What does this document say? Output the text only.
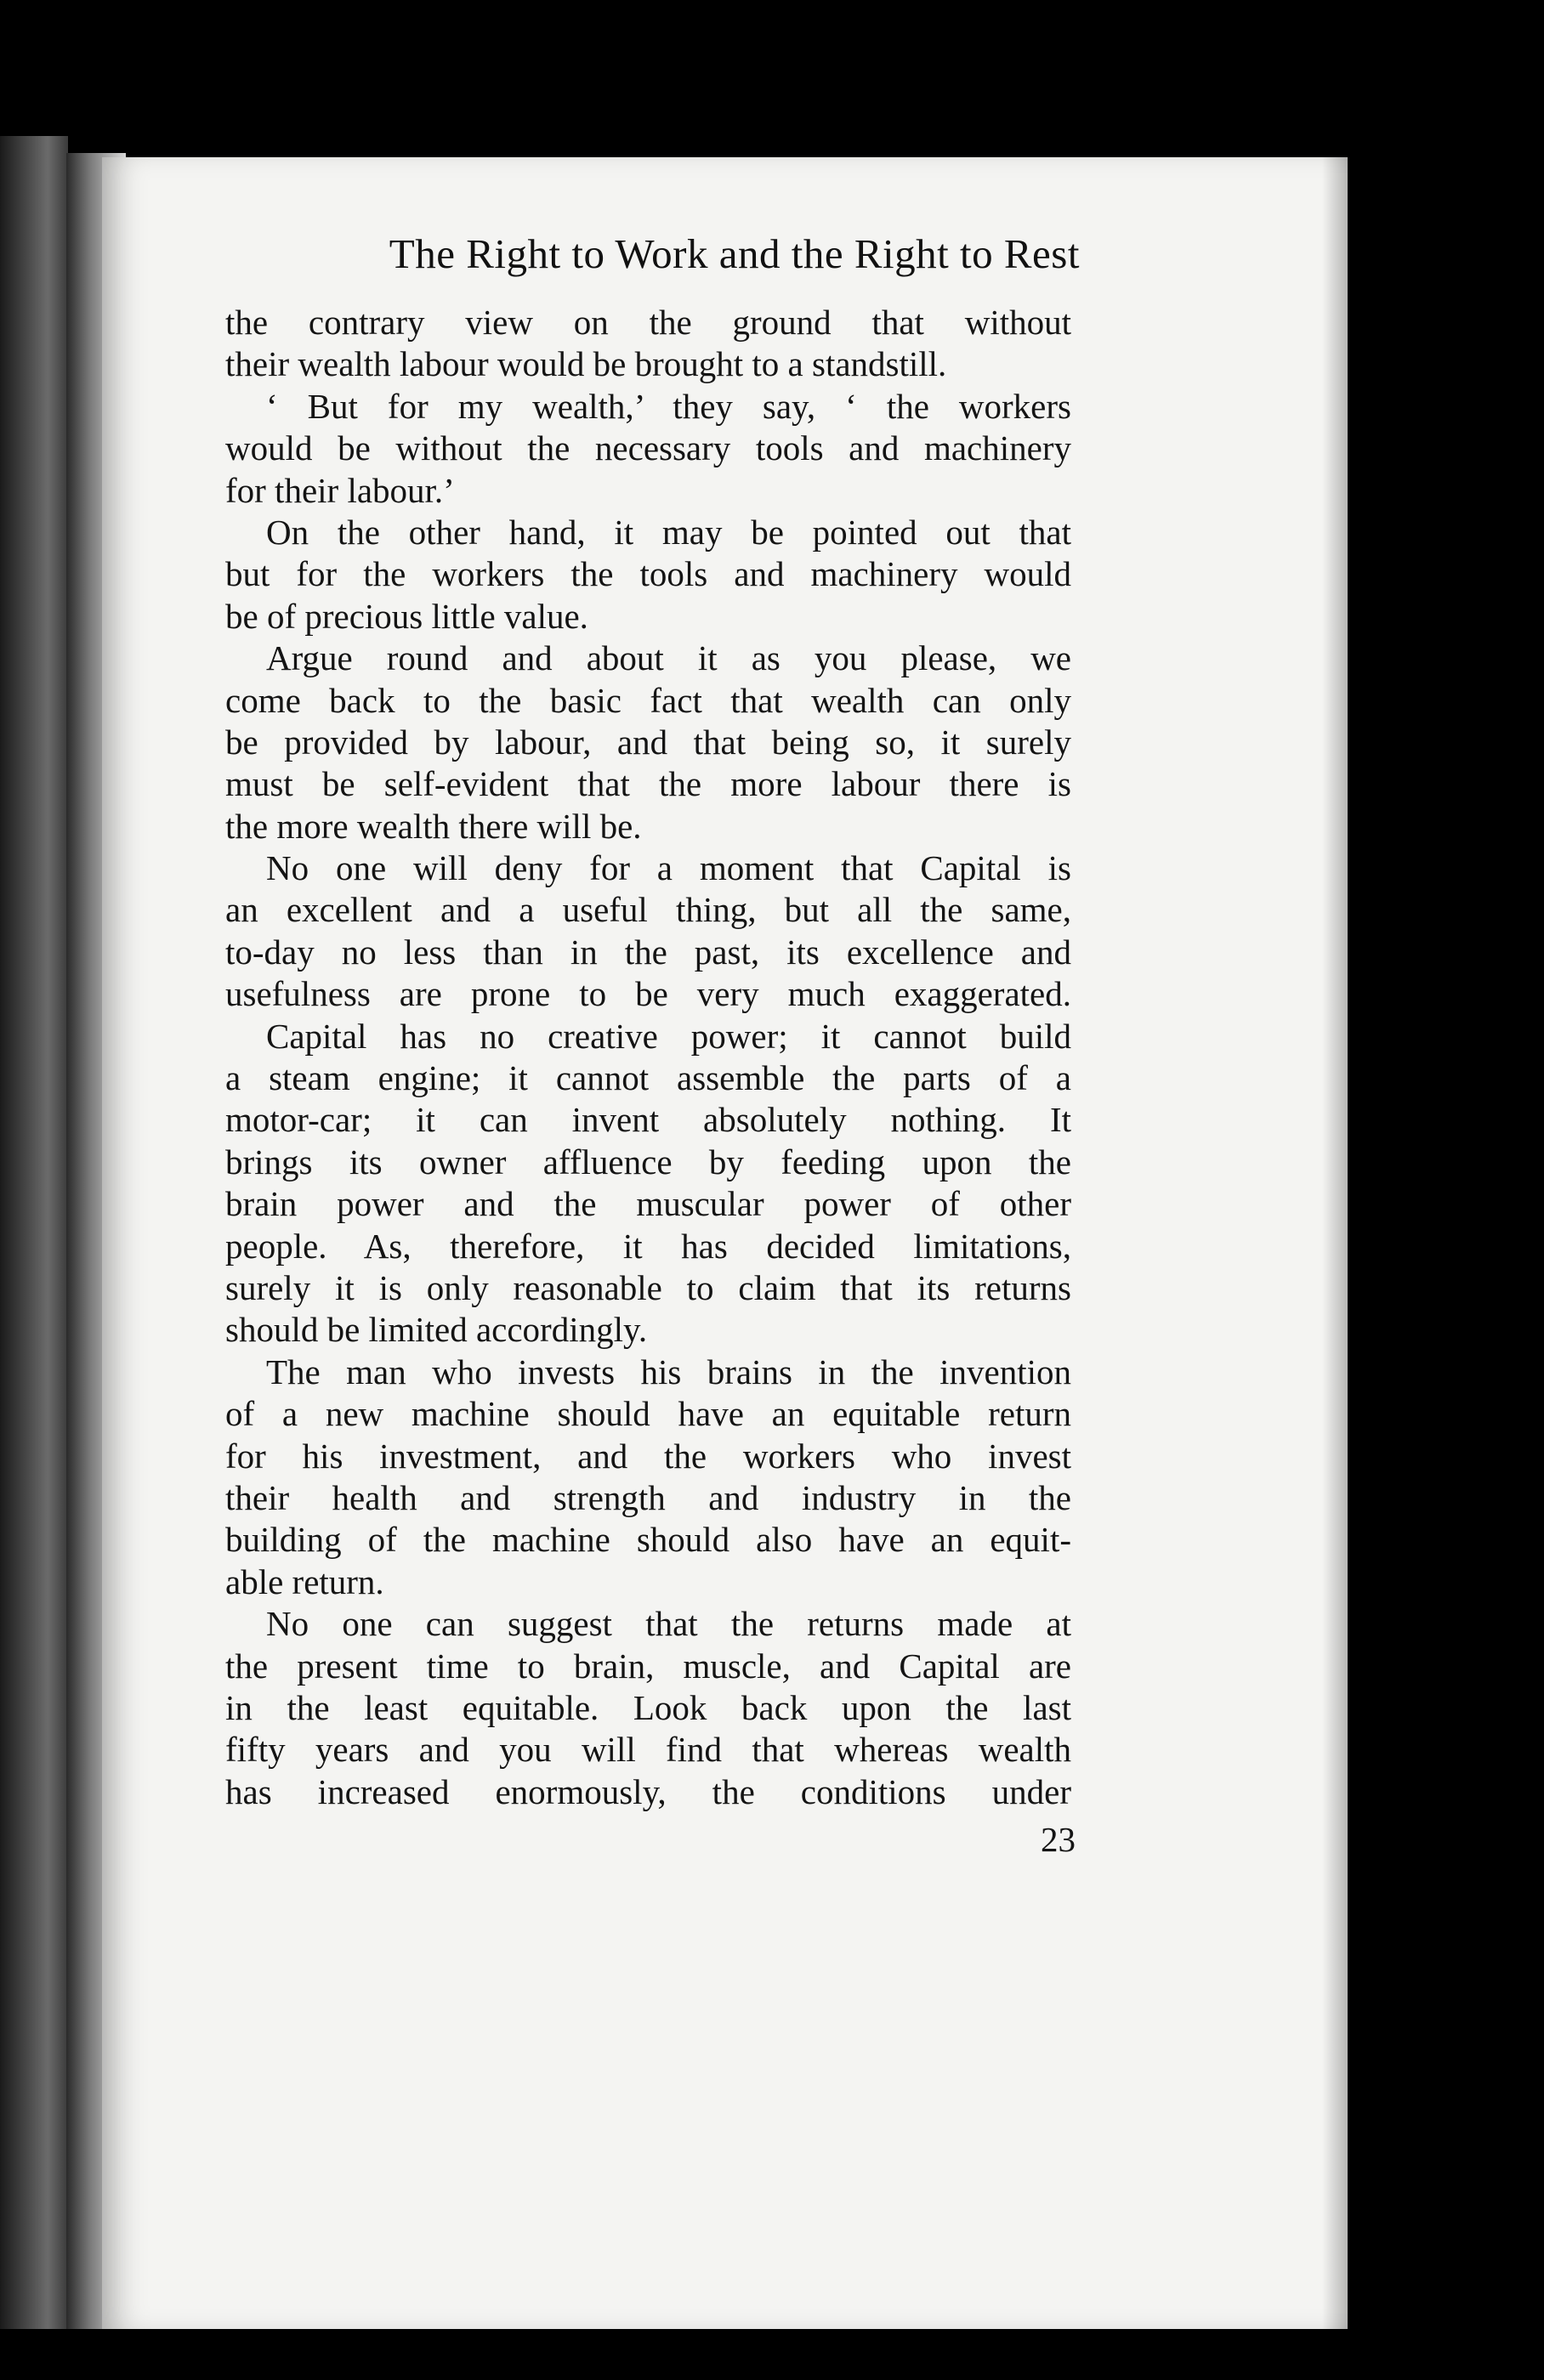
The Right to Work and the Right to Rest
the contrary view on the ground that without
their wealth labour would be brought to a standstill.
‘ But for my wealth,’ they say, ‘ the workers
would be without the necessary tools and machinery
for their labour.’
On the other hand, it may be pointed out that
but for the workers the tools and machinery would
be of precious little value.
Argue round and about it as you please, we
come back to the basic fact that wealth can only
be provided by labour, and that being so, it surely
must be self-evident that the more labour there is
the more wealth there will be.
No one will deny for a moment that Capital is
an excellent and a useful thing, but all the same,
to-day no less than in the past, its excellence and
usefulness are prone to be very much exaggerated.
Capital has no creative power; it cannot build
a steam engine; it cannot assemble the parts of a
motor-car; it can invent absolutely nothing. It
brings its owner affluence by feeding upon the
brain power and the muscular power of other
people. As, therefore, it has decided limitations,
surely it is only reasonable to claim that its returns
should be limited accordingly.
The man who invests his brains in the invention
of a new machine should have an equitable return
for his investment, and the workers who invest
their health and strength and industry in the
building of the machine should also have an equit-
able return.
No one can suggest that the returns made at
the present time to brain, muscle, and Capital are
in the least equitable. Look back upon the last
fifty years and you will find that whereas wealth
has increased enormously, the conditions under
23
